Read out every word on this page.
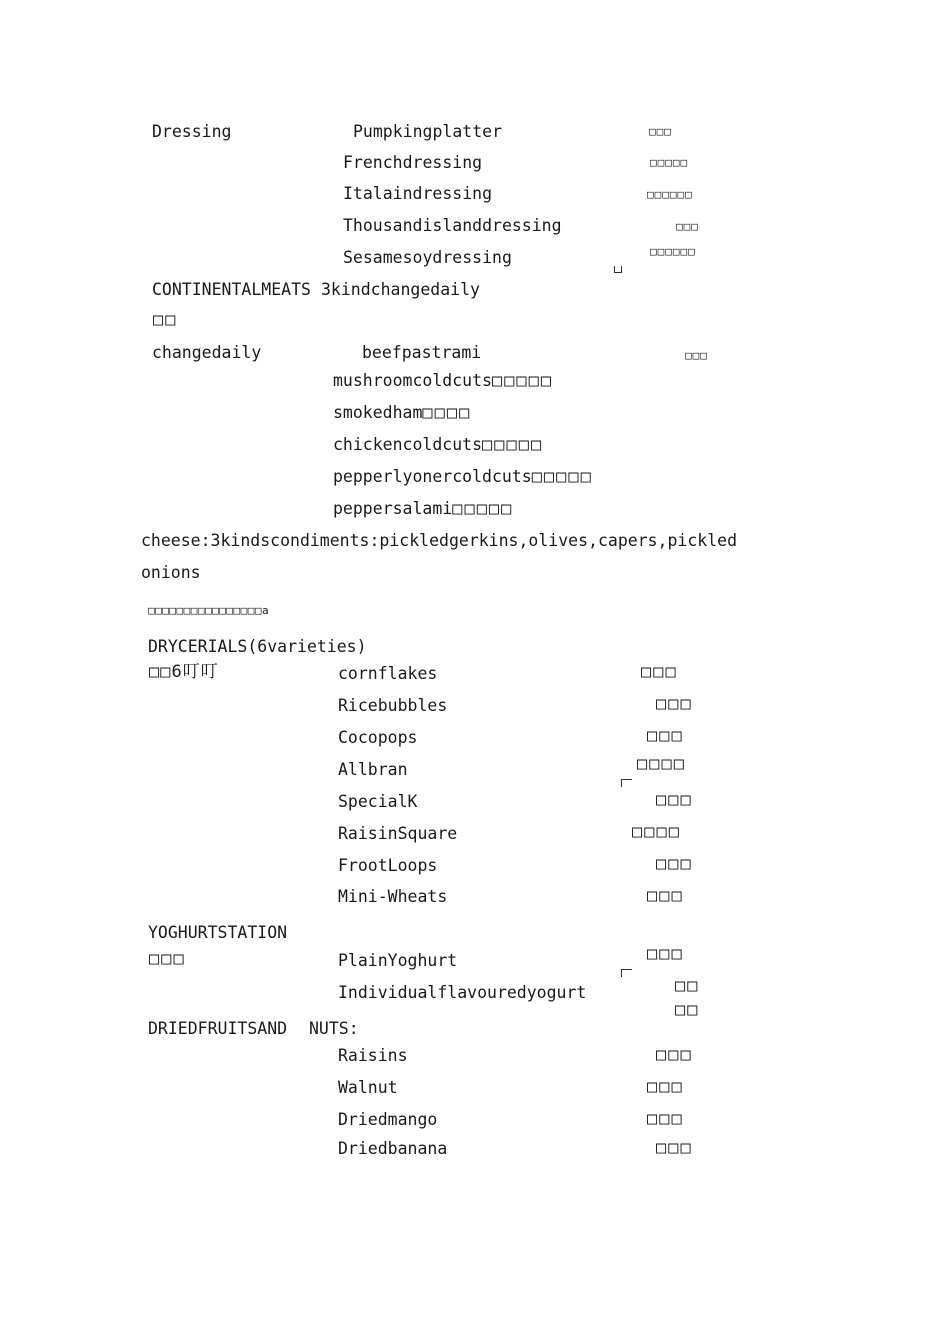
Dressing	Pumpkingplatter	□□□
Frenchdressing	□□□□□
Italaindressing	□□□□□□
Thousandislanddressing	□□□
Sesamesoydressing	□□□□□□
CONTINENTALMEATS 3kindchangedaily
□□
changedaily	beefpastrami	□□□
mushroomcoldcuts□□□□□
smokedham□□□□
chickencoldcuts□□□□□
pepperlyonercoldcuts□□□□□
peppersalami□□□□□
cheese:3kindscondiments:pickledgerkins,olives,capers,pickled
onions
□□□□□□□□□□□□□□□□a
DRYCERIALS(6varieties)
□□6叮叮	cornflakes	□□□
Ricebubbles	□□□
Cocopops	□□□
Allbran	□□□□
SpecialK	□□□
RaisinSquare	□□□□
FrootLoops	□□□
Mini-Wheats	□□□
YOGHURTSTATION
□□□	PlainYoghurt	□□□
Individualflavouredyogurt	□□
□□
DRIEDFRUITSAND NUTS:
Raisins	□□□
Walnut	□□□
Driedmango	□□□
Driedbanana	□□□
